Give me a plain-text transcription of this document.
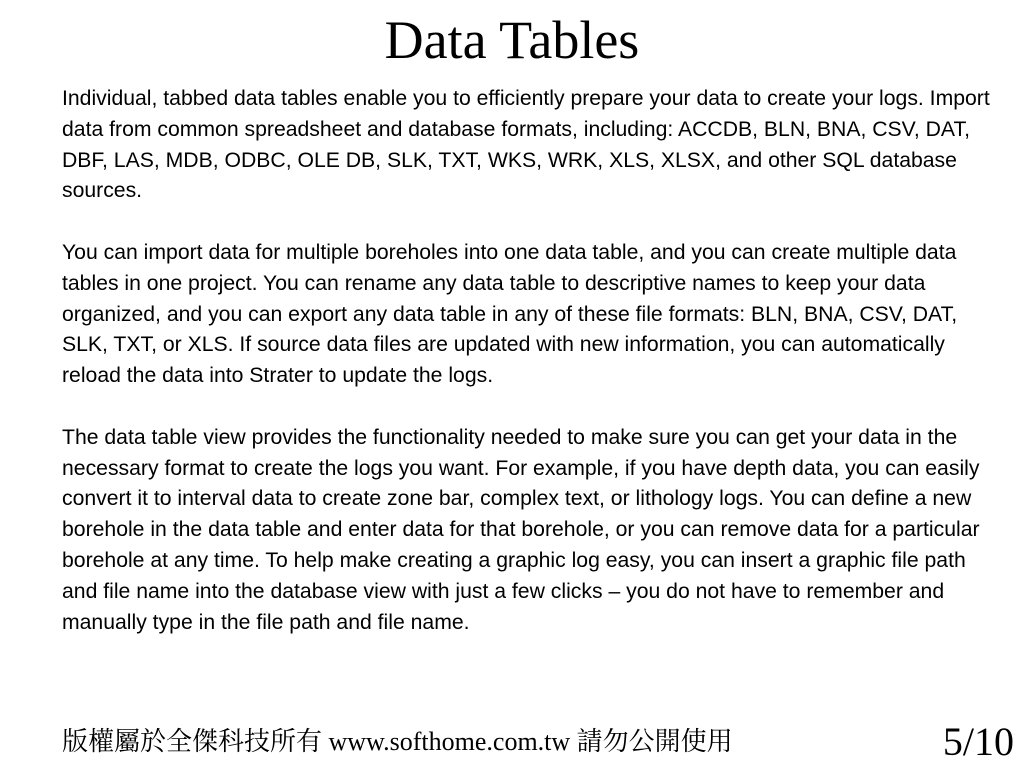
Data Tables

Individual, tabbed data tables enable you to efficiently prepare your data to create your logs. Import data from common spreadsheet and database formats, including: ACCDB, BLN, BNA, CSV, DAT, DBF, LAS, MDB, ODBC, OLE DB, SLK, TXT, WKS, WRK, XLS, XLSX, and other SQL database sources.

You can import data for multiple boreholes into one data table, and you can create multiple data tables in one project. You can rename any data table to descriptive names to keep your data organized, and you can export any data table in any of these file formats: BLN, BNA, CSV, DAT, SLK, TXT, or XLS. If source data files are updated with new information, you can automatically reload the data into Strater to update the logs.

The data table view provides the functionality needed to make sure you can get your data in the necessary format to create the logs you want. For example, if you have depth data, you can easily convert it to interval data to create zone bar, complex text, or lithology logs. You can define a new borehole in the data table and enter data for that borehole, or you can remove data for a particular borehole at any time. To help make creating a graphic log easy, you can insert a graphic file path and file name into the database view with just a few clicks – you do not have to remember and manually type in the file path and file name.

版權屬於全傑科技所有 www.softhome.com.tw 請勿公開使用	5/10
